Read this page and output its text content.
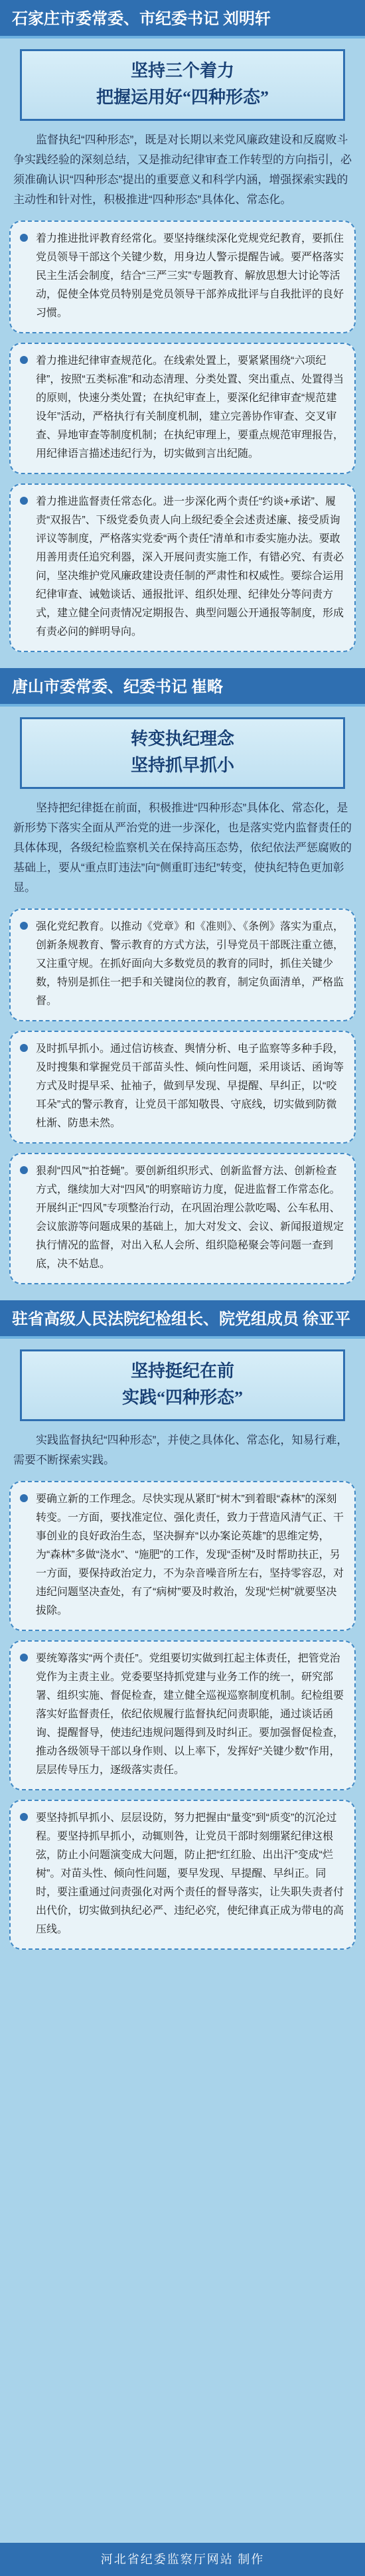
石家庄市委常委、市纪委书记 刘明轩
坚持三个着力
把握运用好“四种形态”
监督执纪“四种形态”，既是对长期以来党风廉政建设和反腐败斗争实践经验的深刻总结，又是推动纪律审查工作转型的方向指引，必须准确认识“四种形态”提出的重要意义和科学内涵，增强探索实践的主动性和针对性，积极推进“四种形态”具体化、常态化。
着力推进批评教育经常化。要坚持继续深化党规党纪教育，要抓住党员领导干部这个关键少数，用身边人警示提醒告诫。要严格落实民主生活会制度，结合“三严三实”专题教育、解放思想大讨论等活动，促使全体党员特别是党员领导干部养成批评与自我批评的良好习惯。
着力推进纪律审查规范化。在线索处置上，要紧紧围绕“六项纪律”，按照“五类标准”和动态清理、分类处置、突出重点、处置得当的原则，快速分类处置；在执纪审查上，要深化纪律审查“规范建设年”活动，严格执行有关制度机制，建立完善协作审查、交叉审查、异地审查等制度机制；在执纪审理上，要重点规范审理报告，用纪律语言描述违纪行为，切实做到言出纪随。
着力推进监督责任常态化。进一步深化两个责任“约谈+承诺”、履责“双报告”、下级党委负责人向上级纪委全会述责述廉、接受质询评议等制度，严格落实党委“两个责任”清单和市委实施办法。要敢用善用责任追究利器，深入开展问责实施工作，有错必究、有责必问，坚决维护党风廉政建设责任制的严肃性和权威性。要综合运用纪律审查、诫勉谈话、通报批评、组织处理、纪律处分等问责方式，建立健全问责情况定期报告、典型问题公开通报等制度，形成有责必问的鲜明导向。
唐山市委常委、纪委书记 崔略
转变执纪理念
坚持抓早抓小
坚持把纪律挺在前面，积极推进“四种形态”具体化、常态化，是新形势下落实全面从严治党的进一步深化，也是落实党内监督责任的具体体现，各级纪检监察机关在保持高压态势，依纪依法严惩腐败的基础上，要从“重点盯违法”向“侧重盯违纪”转变，使执纪特色更加彰显。
强化党纪教育。以推动《党章》和《准则》、《条例》落实为重点，创新条规教育、警示教育的方式方法，引导党员干部既注重立德，又注重守规。在抓好面向大多数党员的教育的同时，抓住关键少数，特别是抓住一把手和关键岗位的教育，制定负面清单，严格监督。
及时抓早抓小。通过信访核查、舆情分析、电子监察等多种手段，及时搜集和掌握党员干部苗头性、倾向性问题，采用谈话、函询等方式及时提早采、扯袖子，做到早发现、早提醒、早纠正，以“咬耳朵”式的警示教育，让党员干部知敬畏、守底线，切实做到防微杜渐、防患未然。
狠刹“四风”“拍苍蝇”。要创新组织形式、创新监督方法、创新检查方式，继续加大对“四风”的明察暗访力度，促进监督工作常态化。开展纠正“四风”专项整治行动，在巩固治理公款吃喝、公车私用、会议旅游等问题成果的基础上，加大对发文、会议、新闻报道规定执行情况的监督，对出入私人会所、组织隐秘聚会等问题一查到底，决不姑息。
驻省高级人民法院纪检组长、院党组成员 徐亚平
坚持挺纪在前
实践“四种形态”
实践监督执纪“四种形态”，并使之具体化、常态化，知易行难，需要不断探索实践。
要确立新的工作理念。尽快实现从紧盯“树木”到着眼“森林”的深刻转变。一方面，要找准定位、强化责任，致力于营造风清气正、干事创业的良好政治生态，坚决摒弃“以办案论英雄”的思维定势，为“森林”多做“浇水”、“施肥”的工作，发现“歪树”及时帮助扶正，另一方面，要保持政治定力，不为杂音噪音所左右，坚持零容忍，对违纪问题坚决查处，有了“病树”要及时救治，发现“烂树”就要坚决拔除。
要统筹落实“两个责任”。党组要切实做到扛起主体责任，把管党治党作为主责主业。党委要坚持抓党建与业务工作的统一，研究部署、组织实施、督促检查，建立健全巡视巡察制度机制。纪检组要落实好监督责任，依纪依规履行监督执纪问责职能，通过谈话函询、提醒督导，使违纪违规问题得到及时纠正。要加强督促检查，推动各级领导干部以身作则、以上率下，发挥好“关键少数”作用，层层传导压力，逐级落实责任。
要坚持抓早抓小、层层设防，努力把握由“量变”到“质变”的沉沦过程。要坚持抓早抓小，动辄则咎，让党员干部时刻绷紧纪律这根弦，防止小问题演变成大问题，防止把“红红脸、出出汗”变成“烂树”。对苗头性、倾向性问题，要早发现、早提醒、早纠正。同时，要注重通过问责强化对两个责任的督导落实，让失职失责者付出代价，切实做到执纪必严、违纪必究，使纪律真正成为带电的高压线。
河北省纪委监察厅网站 制作
